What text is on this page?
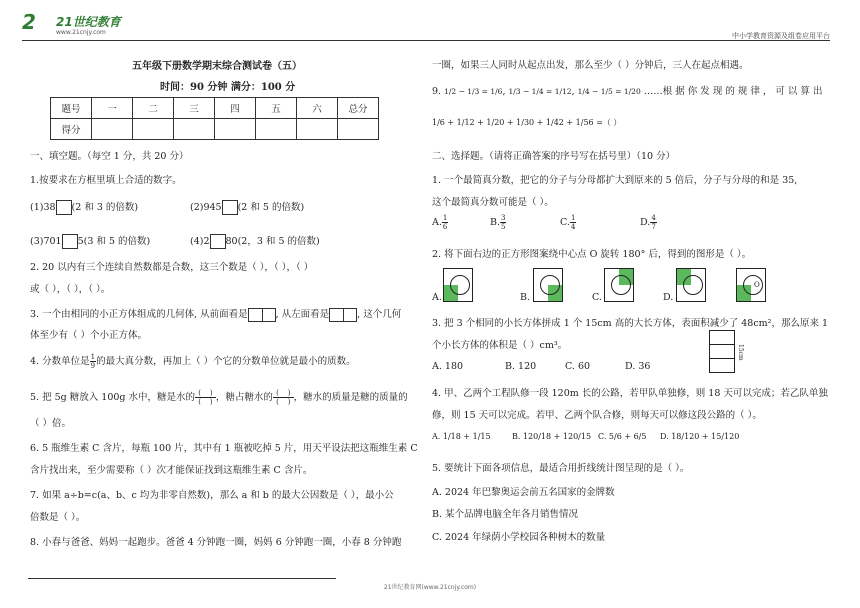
2 21世纪教育
www.21cnjy.com	中小学教育资源及组卷应用平台
五年级下册数学期末综合测试卷（五）
时间：90 分钟 满分：100 分
题号	一	二	三	四	五	六	总分
得分							
一、填空题。（每空 1 分，共 20 分）
1.按要求在方框里填上合适的数字。
(1)38 (2 和 3 的倍数)	(2)945 (2 和 5 的倍数)
(3)701 5(3 和 5 的倍数)	(4)2 80(2，3 和 5 的倍数)
2. 20 以内有三个连续自然数都是合数，这三个数是（ ），（ ），（ ）
或（ ），（ ），（ ）。
3. 一个由相同的小正方体组成的几何体, 从前面看是	, 从左面看是	, 这个几何
体至少有（ ）个小正方体。
4. 分数单位是 $\frac{1}{9}$ 的最大真分数，再加上（ ）个它的分数单位就是最小的质数。
5. 把 5g 糖放入 100g 水中，糖是水的 $\frac{( )}{( )}$ ，糖占糖水的 $\frac{( )}{( )}$ ，糖水的质量是糖的质量的
（ ）倍。
6. 5 瓶维生素 C 含片，每瓶 100 片，其中有 1 瓶被吃掉 5 片，用天平设法把这瓶维生素 C
含片找出来，至少需要称（ ）次才能保证找到这瓶维生素 C 含片。
7. 如果 a÷b=c(a、b、c 均为非零自然数)，那么 a 和 b 的最大公因数是（ ），最小公
倍数是（ ）。
8. 小春与爸爸、妈妈一起跑步。爸爸 4 分钟跑一圈，妈妈 6 分钟跑一圈，小春 8 分钟跑
一圈，如果三人同时从起点出发，那么至少（ ）分钟后，三人在起点相遇。
9. 1/2 − 1/3 = 1/6, 1/3 − 1/4 = 1/12, 1/4 − 1/5 = 1/20 ……根 据 你 发 现 的 规 律 ， 可 以 算 出
1/6 + 1/12 + 1/20 + 1/30 + 1/42 + 1/56 =（ ）
二、选择题。（请将正确答案的序号写在括号里）（10 分）
1. 一个最简真分数，把它的分子与分母都扩大到原来的 5 倍后，分子与分母的和是 35,
这个最简真分数可能是（ ）。
A. $\frac{1}{6}$	B. $\frac{3}{5}$	C. $\frac{1}{4}$	D. $\frac{4}{7}$
2. 将下面右边的正方形图案绕中心点 O 旋转 180° 后，得到的图形是（ ）。
A.	B.	C.	D.
O
3. 把 3 个相同的小长方体拼成 1 个 15cm 高的大长方体，表面积减少了 48cm²，那么原来 1
个小长方体的体积是（ ）cm³。	15cm
A. 180	B. 120	C. 60	D. 36
4. 甲、乙两个工程队修一段 120m 长的公路，若甲队单独修，则 18 天可以完成；若乙队单独
修，则 15 天可以完成。若甲、乙两个队合修，则每天可以修这段公路的（ ）。
A. 1/18 + 1/15	B. 120/18 + 120/15 C. 5/6 + 6/5 D. 18/120 + 15/120
5. 要统计下面各项信息，最适合用折线统计图呈现的是（ ）。
A. 2024 年巴黎奥运会前五名国家的金牌数
B. 某个品牌电脑全年各月销售情况
C. 2024 年绿荫小学校园各种树木的数量
21世纪教育网(www.21cnjy.com)
